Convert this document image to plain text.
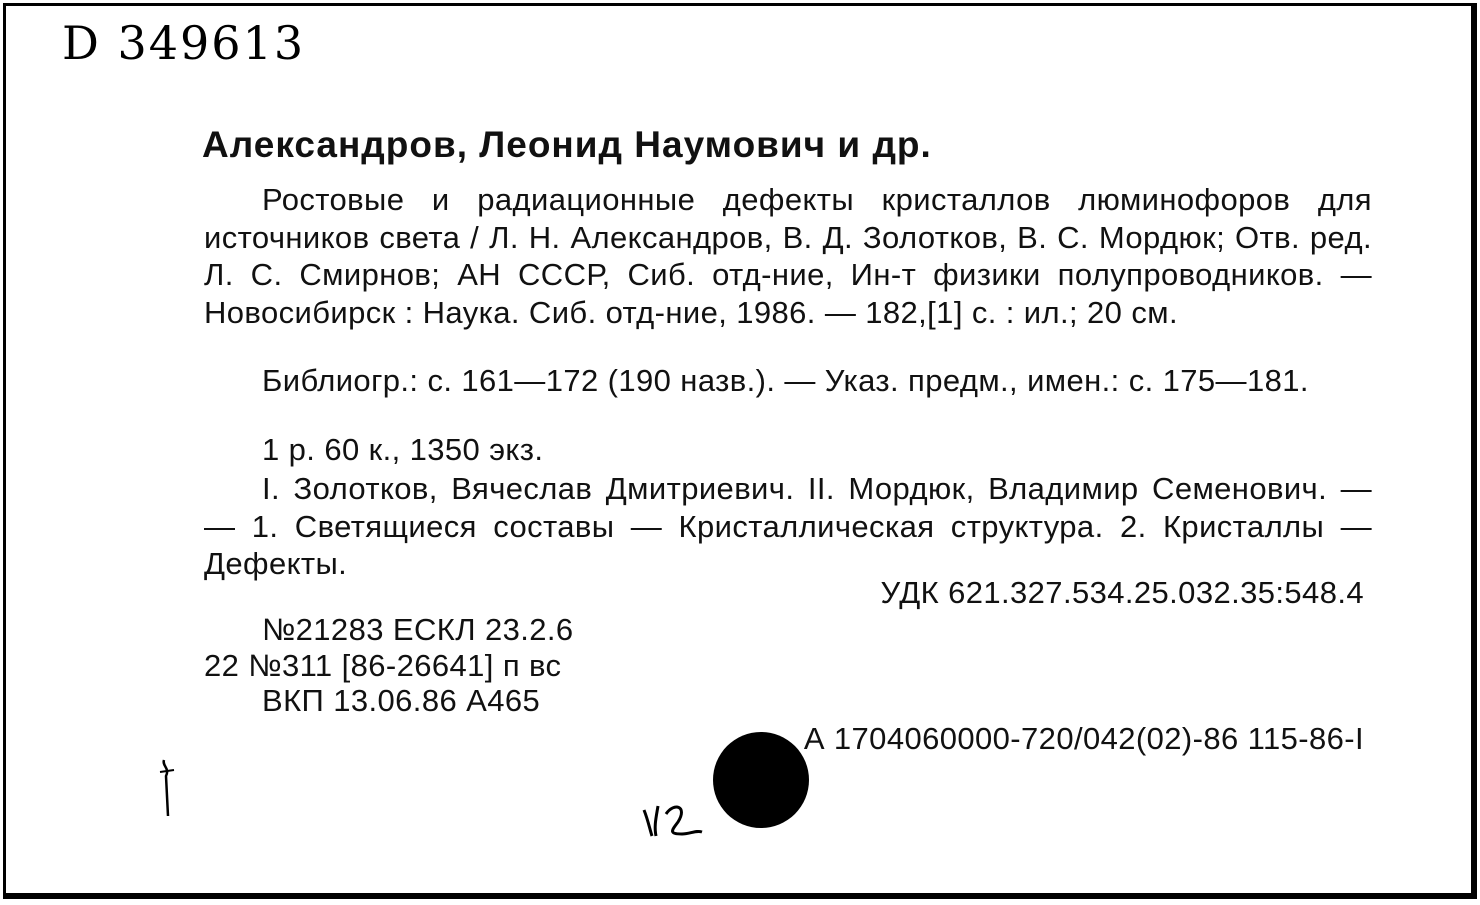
D 349613
Александров, Леонид Наумович и др.

Ростовые и радиационные дефекты кристаллов люминофоров для источников света / Л. Н. Александров, В. Д. Золотков, В. С. Мордюк; Отв. ред. Л. С. Смирнов; АН СССР, Сиб. отд-ние, Ин-т физики полупроводников. — Новосибирск : Наука. Сиб. отд-ние, 1986. — 182,[1] с. : ил.; 20 см.

Библиогр.: с. 161—172 (190 назв.). — Указ. предм., имен.: с. 175—181.

1 р. 60 к., 1350 экз.

I. Золотков, Вячеслав Дмитриевич. II. Мордюк, Владимир Семенович. — — 1. Светящиеся составы — Кристаллическая структура. 2. Кристаллы — Дефекты.

УДК 621.327.534.25.032.35:548.4
№21283 ЕСКЛ 23.2.6
22 №311 [86-26641] п вс
ВКП 13.06.86 А465
А 1704060000-720/042(02)-86 115-86-I
